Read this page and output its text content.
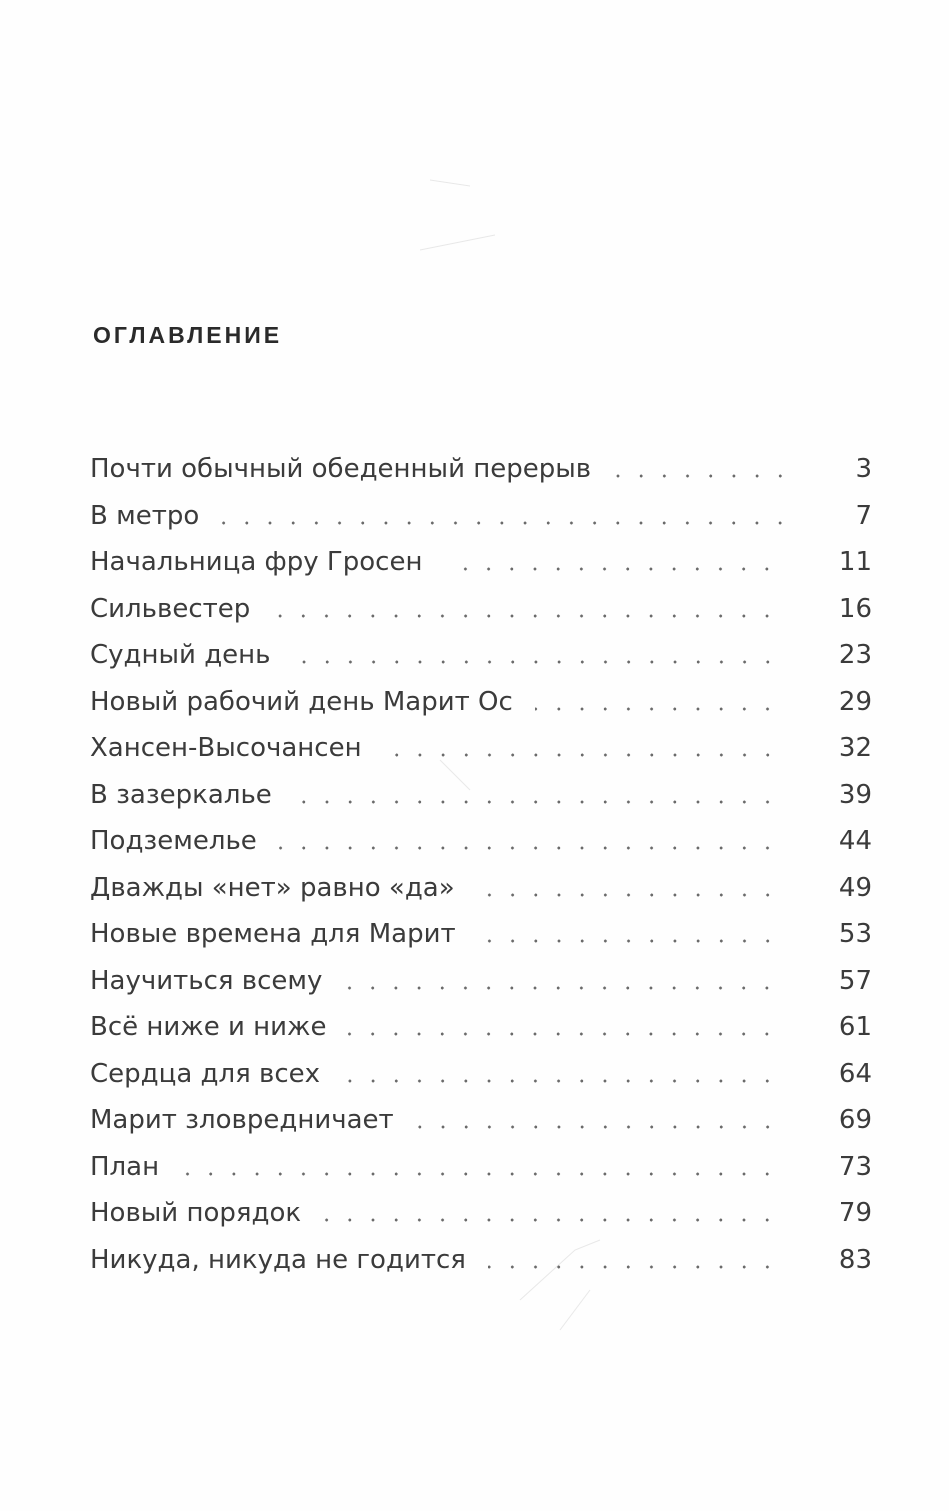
ОГЛАВЛЕНИЕ
Почти обычный обеденный перерыв	3
В метро	7
Начальница фру Гросен	11
Сильвестер	16
Судный день	23
Новый рабочий день Марит Ос	29
Хансен-Высочансен	32
В зазеркалье	39
Подземелье	44
Дважды «нет» равно «да»	49
Новые времена для Марит	53
Научиться всему	57
Всё ниже и ниже	61
Сердца для всех	64
Марит зловредничает	69
План	73
Новый порядок	79
Никуда, никуда не годится	83
